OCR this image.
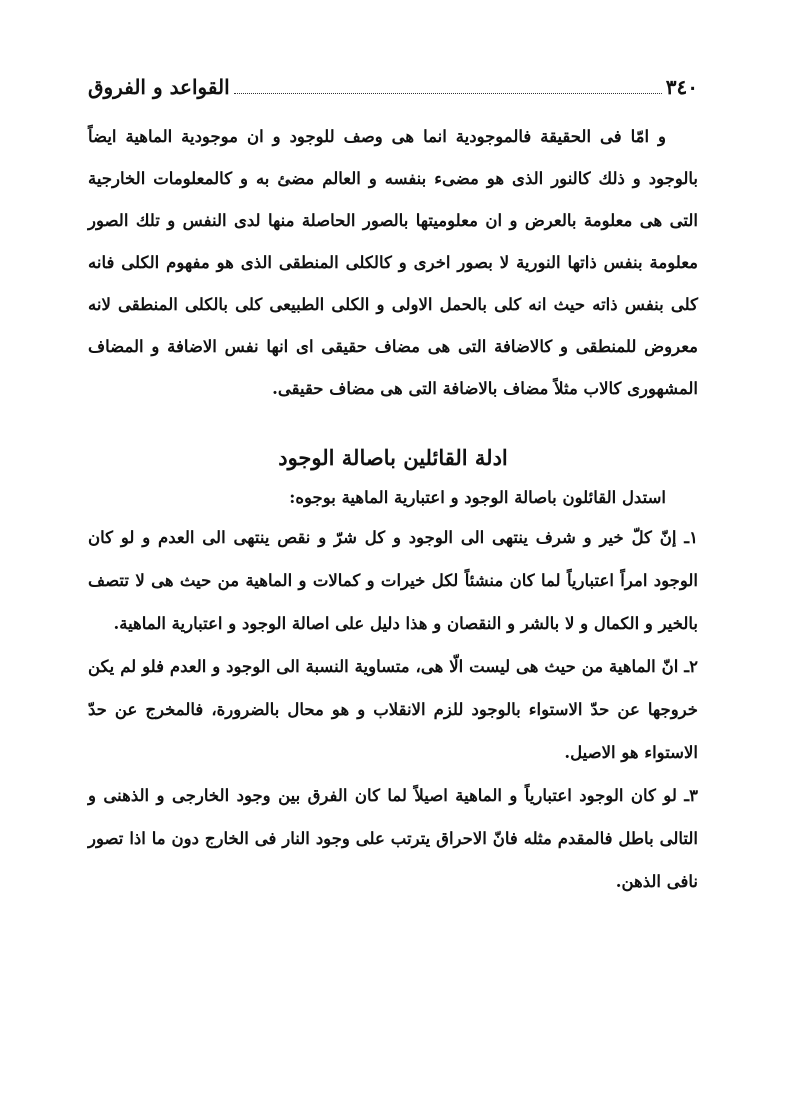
٣٤٠
القواعد و الفروق

و امّا فى الحقيقة فالموجودية انما هى وصف للوجود و ان موجودية الماهية ايضاً بالوجود و ذلك كالنور الذى هو مضىء بنفسه و العالم مضئ به و كالمعلومات الخارجية التى هى معلومة بالعرض و ان معلوميتها بالصور الحاصلة منها لدى النفس و تلك الصور معلومة بنفس ذاتها النورية لا بصور اخرى و كالكلى المنطقى الذى هو مفهوم الكلى فانه كلى بنفس ذاته حيث انه كلى بالحمل الاولى و الكلى الطبيعى كلى بالكلى المنطقى لانه معروض للمنطقى و كالاضافة التى هى مضاف حقيقى اى انها نفس الاضافة و المضاف المشهورى كالاب مثلاً مضاف بالاضافة التى هى مضاف حقيقى.

ادلة القائلين باصالة الوجود

استدل القائلون باصالة الوجود و اعتبارية الماهية بوجوه:

١ـ إنّ كلّ خير و شرف ينتهى الى الوجود و كل شرّ و نقص ينتهى الى العدم و لو كان الوجود امراً اعتبارياً لما كان منشئاً لكل خيرات و كمالات و الماهية من حيث هى لا تتصف بالخير و الكمال و لا بالشر و النقصان و هذا دليل على اصالة الوجود و اعتبارية الماهية.

٢ـ انّ الماهية من حيث هى ليست الّا هى، متساوية النسبة الى الوجود و العدم فلو لم يكن خروجها عن حدّ الاستواء بالوجود للزم الانقلاب و هو محال بالضرورة، فالمخرج عن حدّ الاستواء هو الاصيل.

٣ـ لو كان الوجود اعتبارياً و الماهية اصيلاً لما كان الفرق بين وجود الخارجى و الذهنى و التالى باطل فالمقدم مثله فانّ الاحراق يترتب على وجود النار فى الخارج دون ما اذا تصور نافى الذهن.
